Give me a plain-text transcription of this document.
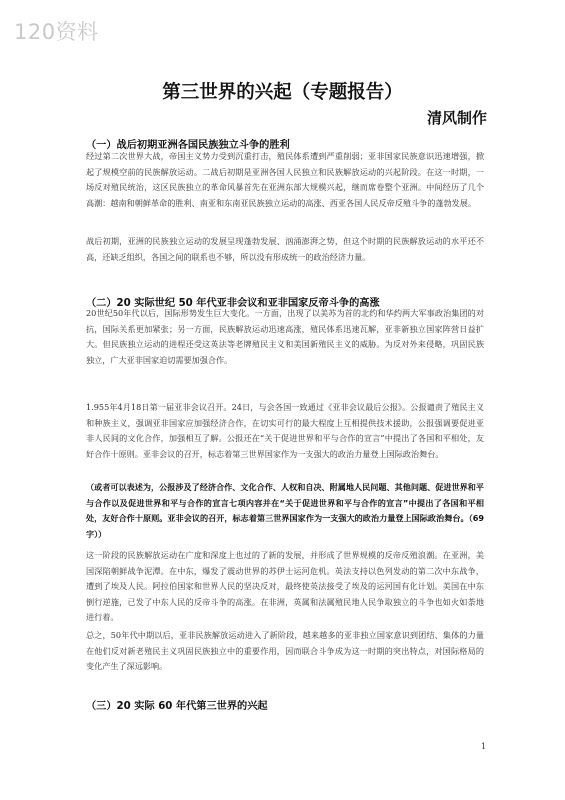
120资料
第三世界的兴起（专题报告）
清风制作
（一）战后初期亚洲各国民族独立斗争的胜利

经过第二次世界大战，帝国主义势力受到沉重打击，殖民体系遭到严重削弱；亚非国家民族意识迅速增强，掀起了规模空前的民族解放运动。二战后初期是亚洲各国人民独立和民族解放运动的兴起阶段。在这一时期，一场反对殖民统治，这区民族独立的革命风暴首先在亚洲东部大规模兴起，继而席卷整个亚洲。中间经历了几个高潮：越南和朝鲜革命的胜利、南亚和东南亚民族独立运动的高涨、西亚各国人民反帝反殖斗争的蓬勃发展。

战后初期，亚洲的民族独立运动的发展呈现蓬勃发展、汹涌澎湃之势，但这个时期的民族解放运动的水平还不高，还缺乏组织，各国之间的联系也不够，所以没有形成统一的政治经济力量。

（二）20 实际世纪 50 年代亚非会议和亚非国家反帝斗争的高涨

20世纪50年代以后，国际形势发生巨大变化。一方面，出现了以美苏为首的北约和华约两大军事政治集团的对抗，国际关系更加紧张；另一方面，民族解放运动迅速高涨，殖民体系迅速瓦解，亚非新独立国家阵营日益扩大。但民族独立运动的进程还受这英法等老牌殖民主义和美国新殖民主义的威胁。为反对外来侵略，巩固民族独立，广大亚非国家迫切需要加强合作。

1.955年4月18日第一届亚非会议召开。24日，与会各国一致通过《亚非会议最后公报》。公报谴责了殖民主义和种族主义，强调亚非国家应加强经济合作，在切实可行的最大程度上互相提供技术援助，公报强调要促进亚非人民间的文化合作，加强相互了解。公报还在“关于促进世界和平与合作的宣言”中提出了各国和平相处，友好合作十原则。亚非会议的召开，标志着第三世界国家作为一支强大的政治力量登上国际政治舞台。

（或者可以表述为，公报涉及了经济合作、文化合作、人权和自决、附属地人民问题、其他问题、促进世界和平与合作以及促进世界和平与合作的宣言七项内容并在“关于促进世界和平与合作的宣言”中提出了各国和平相处，友好合作十原则。亚非会议的召开，标志着第三世界国家作为一支强大的政治力量登上国际政治舞台。（69字））

这一阶段的民族解放运动在广度和深度上也过的了新的发展，并形成了世界规模的反帝反殖浪潮。在亚洲，美国深陷朝鲜战争泥潭。在中东，爆发了震动世界的苏伊士运河危机。英法支持以色列发动的第二次中东战争，遭到了埃及人民。阿拉伯国家和世界人民的坚决反对，最终使英法接受了埃及的运河国有化计划。美国在中东倒行逆施，已发了中东人民的反帝斗争的高涨。在非洲，英属和法属殖民地人民争取独立的斗争也如火如荼地进行着。

总之，50年代中期以后，亚非民族解放运动进入了新阶段，越来越多的亚非独立国家意识到团结、集体的力量在他们反对新老殖民主义巩固民族独立中的重要作用，因而联合斗争成为这一时期的突出特点，对国际格局的变化产生了深远影响。

（三）20 实际 60 年代第三世界的兴起
1
